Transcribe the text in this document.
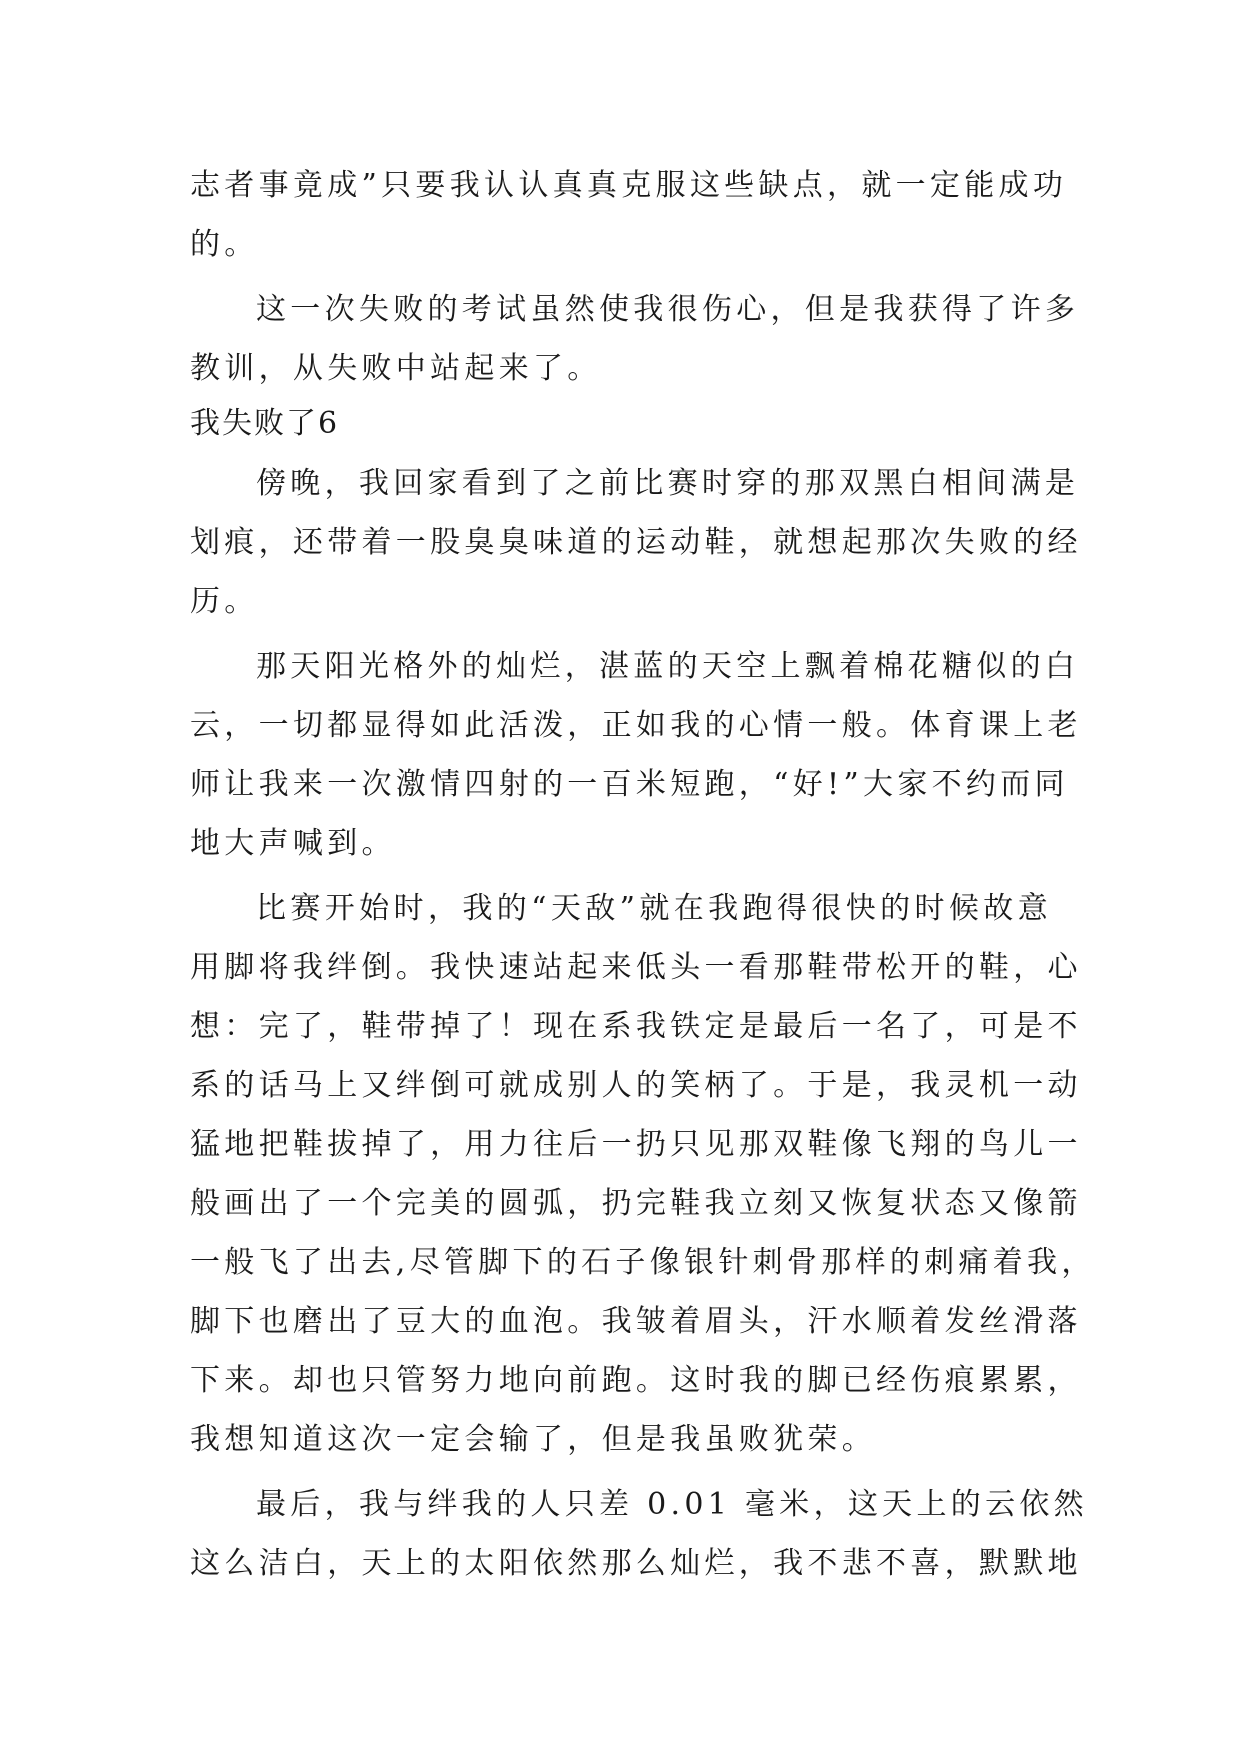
志者事竟成”只要我认认真真克服这些缺点，就一定能成功
的。
这一次失败的考试虽然使我很伤心，但是我获得了许多
教训，从失败中站起来了。
我失败了6
傍晚，我回家看到了之前比赛时穿的那双黑白相间满是
划痕，还带着一股臭臭味道的运动鞋，就想起那次失败的经
历。
那天阳光格外的灿烂，湛蓝的天空上飘着棉花糖似的白
云，一切都显得如此活泼，正如我的心情一般。体育课上老
师让我来一次激情四射的一百米短跑，“好!”大家不约而同
地大声喊到。
比赛开始时，我的“天敌”就在我跑得很快的时候故意
用脚将我绊倒。我快速站起来低头一看那鞋带松开的鞋，心
想：完了，鞋带掉了！现在系我铁定是最后一名了，可是不
系的话马上又绊倒可就成别人的笑柄了。于是，我灵机一动
猛地把鞋拔掉了，用力往后一扔只见那双鞋像飞翔的鸟儿一
般画出了一个完美的圆弧，扔完鞋我立刻又恢复状态又像箭
一般飞了出去,尽管脚下的石子像银针刺骨那样的刺痛着我，
脚下也磨出了豆大的血泡。我皱着眉头，汗水顺着发丝滑落
下来。却也只管努力地向前跑。这时我的脚已经伤痕累累，
我想知道这次一定会输了，但是我虽败犹荣。
最后，我与绊我的人只差 0.01 毫米，这天上的云依然
这么洁白，天上的太阳依然那么灿烂，我不悲不喜，默默地
